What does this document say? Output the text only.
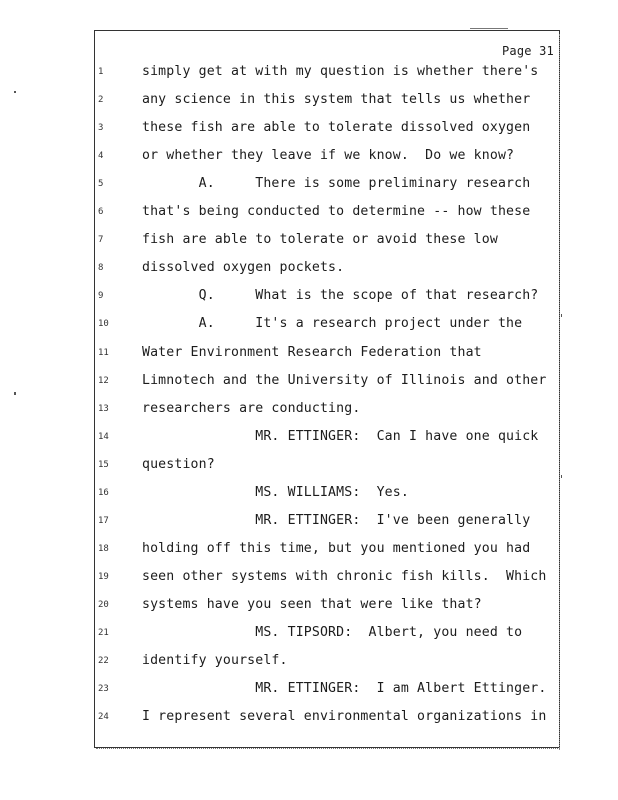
Page 31
1	simply get at with my question is whether there's
2	any science in this system that tells us whether
3	these fish are able to tolerate dissolved oxygen
4	or whether they leave if we know.  Do we know?
5	A.     There is some preliminary research
6	that's being conducted to determine -- how these
7	fish are able to tolerate or avoid these low
8	dissolved oxygen pockets.
9	Q.     What is the scope of that research?
10	A.     It's a research project under the
11	Water Environment Research Federation that
12	Limnotech and the University of Illinois and other
13	researchers are conducting.
14	MR. ETTINGER:  Can I have one quick
15	question?
16	MS. WILLIAMS:  Yes.
17	MR. ETTINGER:  I've been generally
18	holding off this time, but you mentioned you had
19	seen other systems with chronic fish kills.  Which
20	systems have you seen that were like that?
21	MS. TIPSORD:  Albert, you need to
22	identify yourself.
23	MR. ETTINGER:  I am Albert Ettinger.
24	I represent several environmental organizations in
